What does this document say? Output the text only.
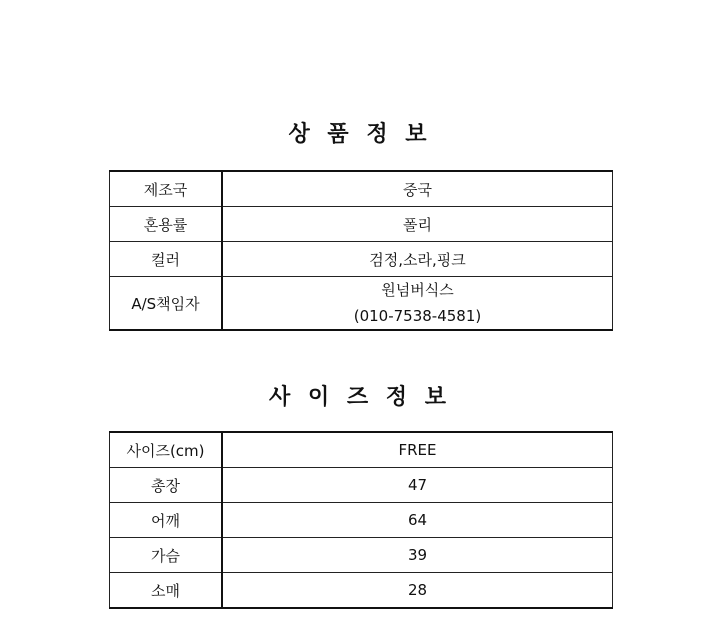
상 품 정 보
제조국	중국
혼용률	폴리
컬러	검정,소라,핑크
A/S책임자	원넘버식스
(010-7538-4581)
사 이 즈 정 보
사이즈(cm)	FREE
총장	47
어깨	64
가슴	39
소매	28
